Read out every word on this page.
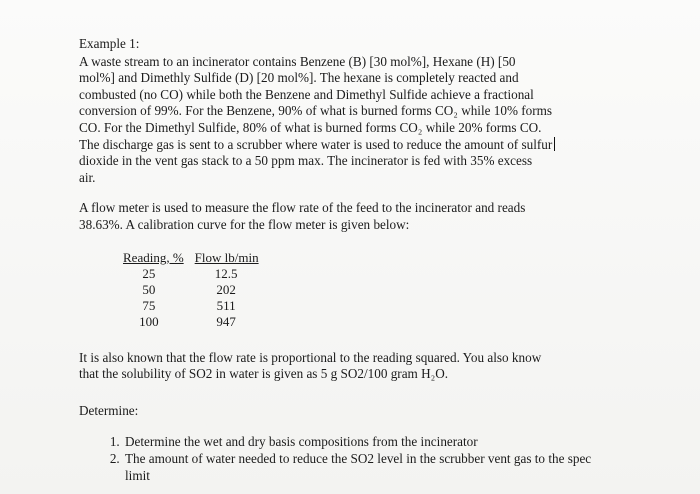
Example 1:
A waste stream to an incinerator contains Benzene (B) [30 mol%], Hexane (H) [50
mol%] and Dimethly Sulfide (D) [20 mol%]. The hexane is completely reacted and
combusted (no CO) while both the Benzene and Dimethyl Sulfide achieve a fractional
conversion of 99%. For the Benzene, 90% of what is burned forms CO₂ while 10% forms
CO. For the Dimethyl Sulfide, 80% of what is burned forms CO₂ while 20% forms CO.
The discharge gas is sent to a scrubber where water is used to reduce the amount of sulfur
dioxide in the vent gas stack to a 50 ppm max. The incinerator is fed with 35% excess
air.
A flow meter is used to measure the flow rate of the feed to the incinerator and reads
38.63%. A calibration curve for the flow meter is given below:
Reading, %	Flow lb/min
25	12.5
50	202
75	511
100	947
It is also known that the flow rate is proportional to the reading squared. You also know
that the solubility of SO2 in water is given as 5 g SO2/100 gram H₂O.
Determine:
1. Determine the wet and dry basis compositions from the incinerator
2. The amount of water needed to reduce the SO2 level in the scrubber vent gas to the spec limit
